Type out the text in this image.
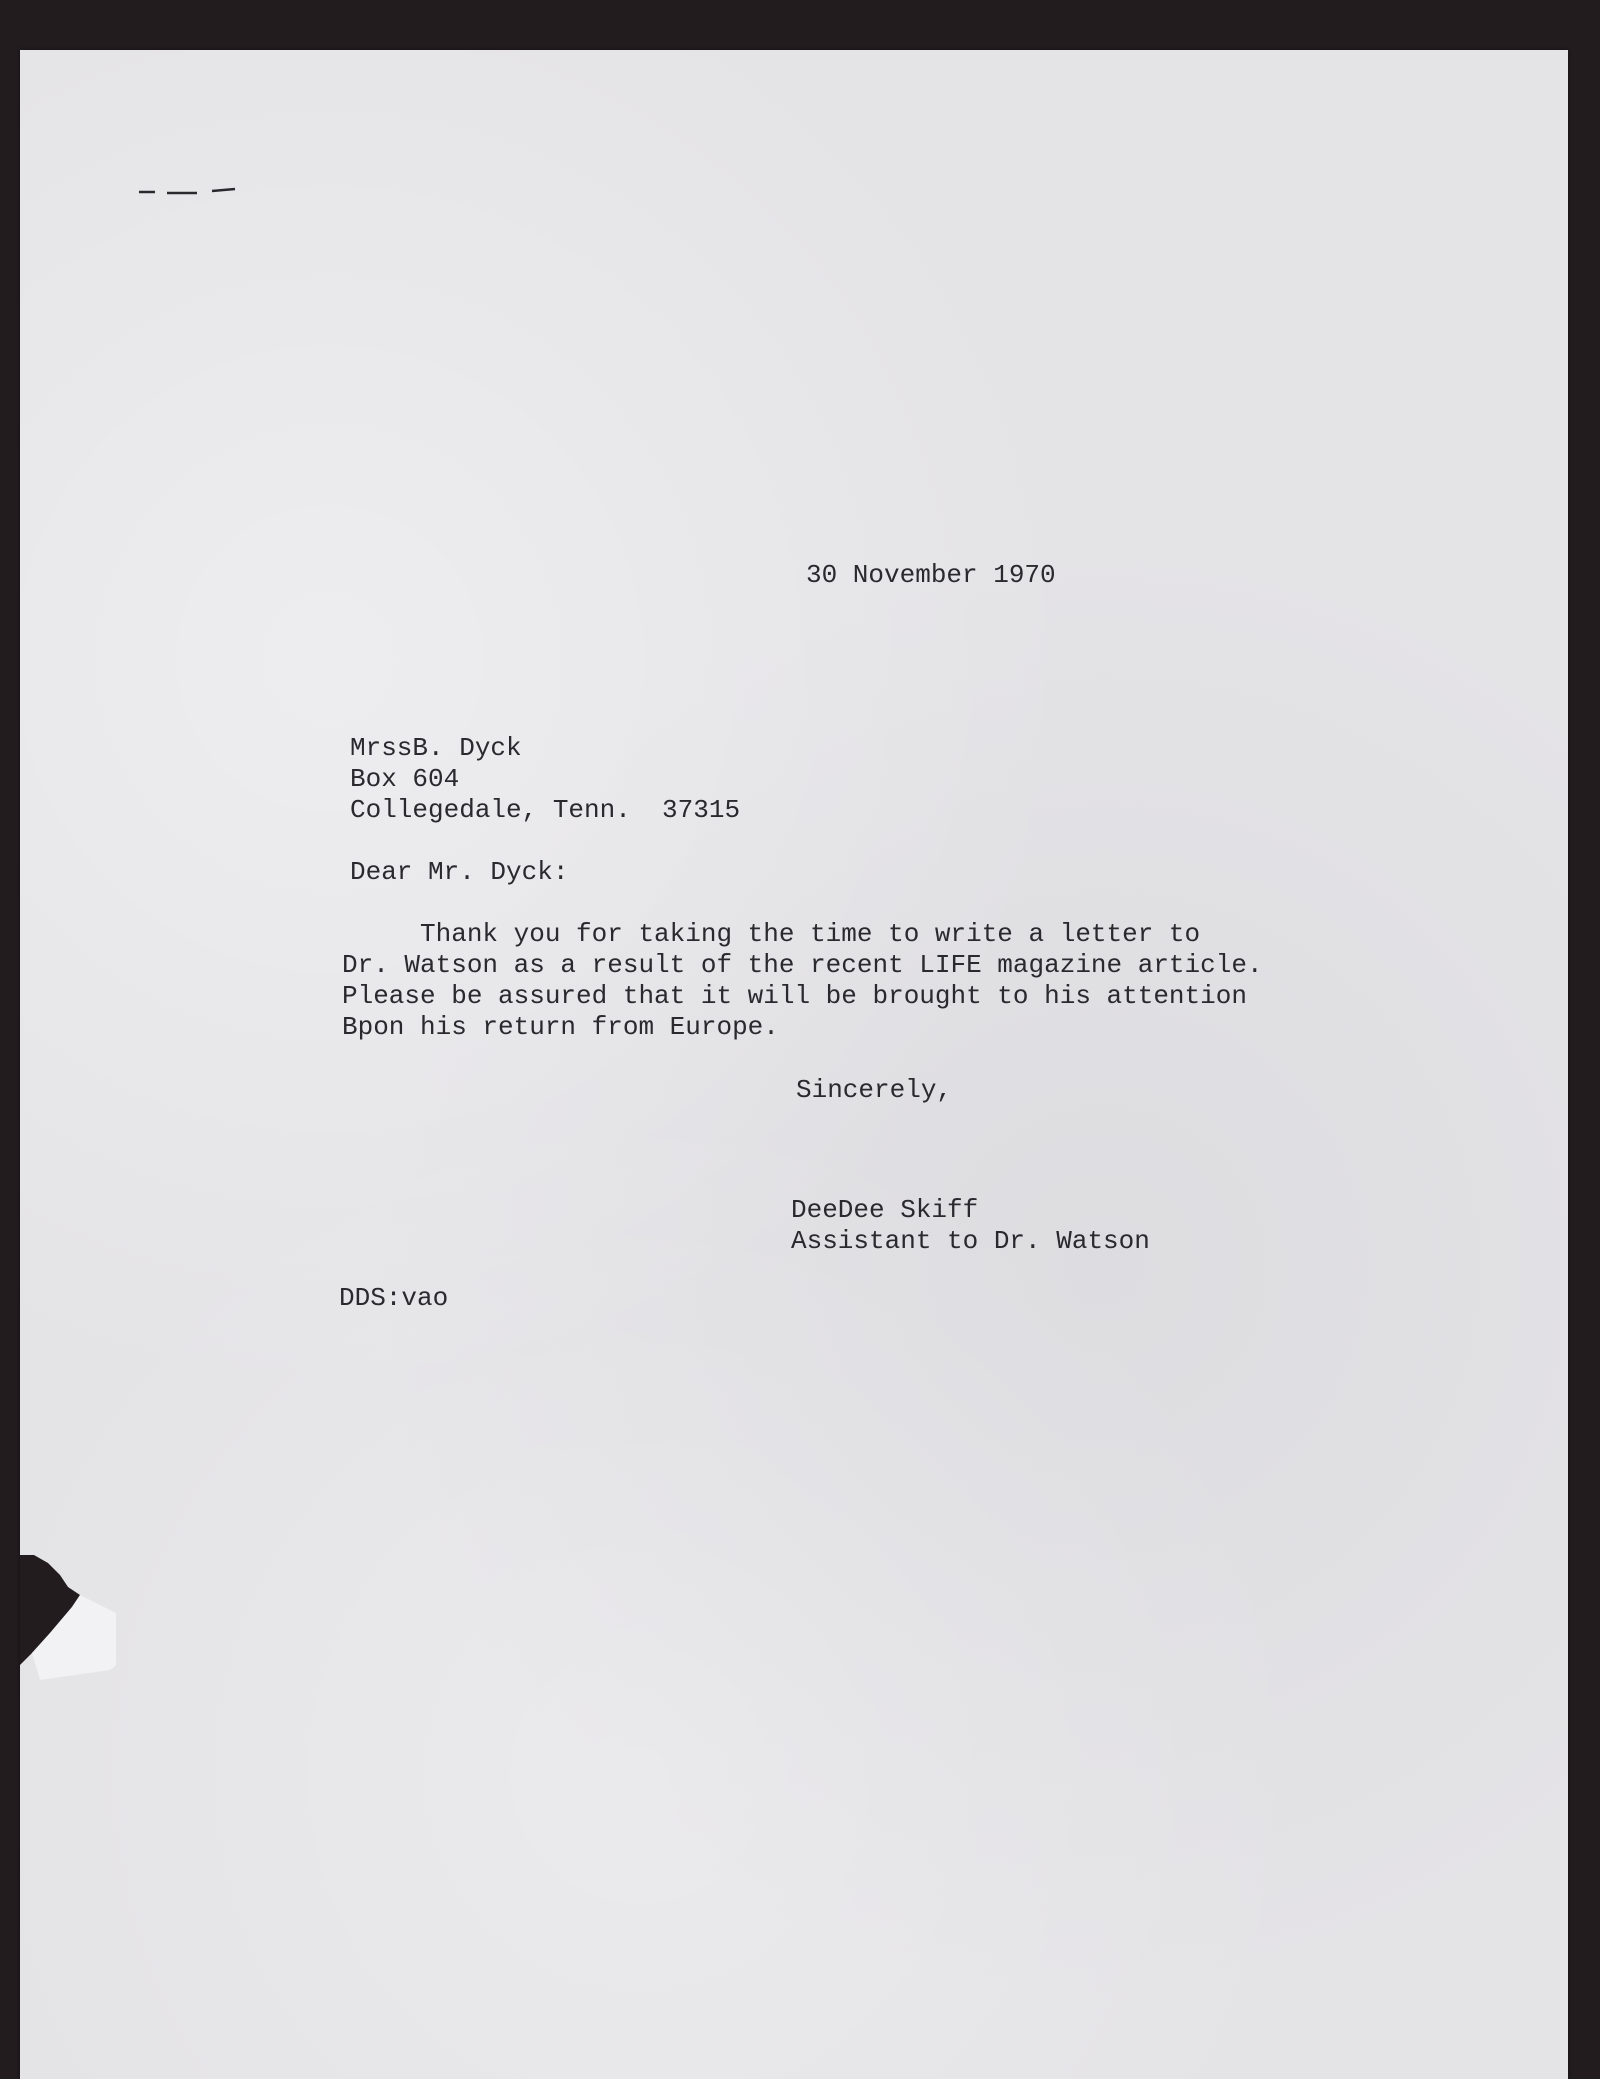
30 November 1970

MrssB. Dyck
Box 604
Collegedale, Tenn.  37315

Dear Mr. Dyck:

Thank you for taking the time to write a letter to
Dr. Watson as a result of the recent LIFE magazine article.
Please be assured that it will be brought to his attention
Bpon his return from Europe.

Sincerely,

DeeDee Skiff
Assistant to Dr. Watson

DDS:vao
